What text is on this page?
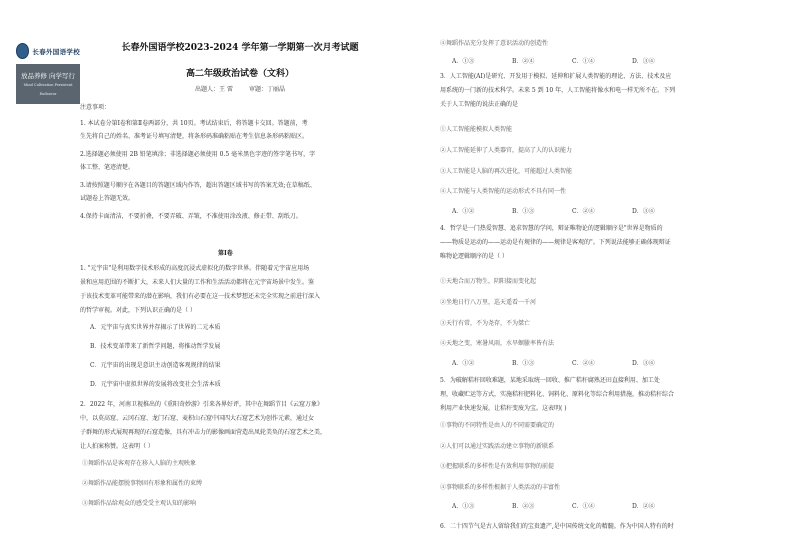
长春外国语学校
放品养修 向学写行
Mind Cultivation Persistent Endeavor
长春外国语学校2023-2024 学年第一学期第一次月考试题
高二年级政治试卷（文科）
出题人：王 雷	审题：丁丽晶
注意事项：
1. 本试卷分第Ⅰ卷和第Ⅱ卷两部分，共 10页。考试结束后，将答题卡交回。答题前，考
生先将自己的姓名、准考证号填写清楚，将条形码准确粘贴在考生信息条形码粘贴区。
2.选择题必须使用 2B 铅笔填涂；非选择题必须使用 0.5 毫米黑色字迹的签字笔书写，字
体工整、笔迹清楚。
3.请按照题号顺序在各题目的答题区域内作答，超出答题区域书写的答案无效;在草稿纸、
试题卷上答题无效。
4.保持卡面清洁，不要折叠，不要弄破、弄皱，不准使用涂改液、修正带、刮纸刀。
第Ⅰ卷
1. "元宇宙"是利用数字技术形成的高度沉浸式虚拟化的数字世界。伴随着元宇宙应用场
景和应用范围的不断扩大，未来人们大量的工作和生活活动都将在元宇宙场景中发生。鉴
于该技术变革可能带来的潜在影响，我们有必要在这一技术梦想还未完全实现之前进行深入
的哲学审视。对此，下列认识正确的是（ ）
A．元宇宙与真实世界并存揭示了世界的二元本质
B．技术变革带来了新哲学问题，将推动哲学发展
C．元宇宙的出现是意识主动创造客观规律的结果
D．元宇宙中虚拟世界的发展将改变社会生活本质
2．2022 年，河南卫视推出的《重阳奇妙游》引来各界好评，其中在舞蹈节目《云窟万象》
中，以莫高窟、云冈石窟、龙门石窟、麦积山石窟中国四大石窟艺术为创作元素，通过女
子群舞的形式展现再现的石窟造像，具有冲击力的影像画面营造出凤轮美奂的石窟艺术之美，
让人拍案称赞。这表明（ ）
①舞蹈作品是客观存在移入人脑的主观映象
②舞蹈作品能摆脱事物固有形象和属性的束缚
③舞蹈作品给观众的感受受主观认知的影响
④舞蹈作品充分发挥了意识活动的创造性
A．①③	B．②④	C．①④	D．③④
3．人工智能(AI)是研究、开发用于模拟、延伸和扩展人类智能的理论、方法、技术及应
用系统的一门新的技术科学。未来 5 到 10 年，人工智能将像水和电一样无所不在。下列
关于人工智能的说法正确的是
①人工智能能模拟人类智能
②人工智能延伸了人类器官，提高了人的认识能力
③人工智能是人脑的再次进化，可能超过人类智能
④人工智能与人类智能的运动形式不具有同一性
A．①②	B．①③	C．②④	D．③④
4．哲学是一门热爱智慧、追求智慧的学问，辩证唯物论的逻辑顺序是"世界是物质的
——物质是运动的——运动是有规律的——规律是客观的"。下列说法能够正确体现辩证
唯物论逻辑顺序的是（ ）
①天地合而万物生，阴阳接而变化起
②坐地日行八万里，巡天遥看一千河
③天行有常，不为尧存，不为桀亡
④天地之变，寒暑风雨，水旱螟螣率皆有法
A．①②	B．①③	C．②④	D．③④
5．为破解秸秆回收难题，某地采取统一回收、推广秸秆腐熟还田直接利用、加工处
理，收藏贮运等方式，实施秸秆肥料化、饲料化、原料化等综合利用措施，推动秸秆综合
利用产业快速发展，让秸秆变废为宝。这表明( )
①事物的不同特性是由人的不同需要确定的
②人们可以通过实践活动建立事物的新联系
③把握联系的多样性是有效利用事物的前提
④事物联系的多样性根据于人类活动的丰富性
A．①③	B．②③	C．①④	D．②④
6．二十四节气是古人留给我们的宝贵遗产,是中国传统文化的精髓。作为中国人特有的时
